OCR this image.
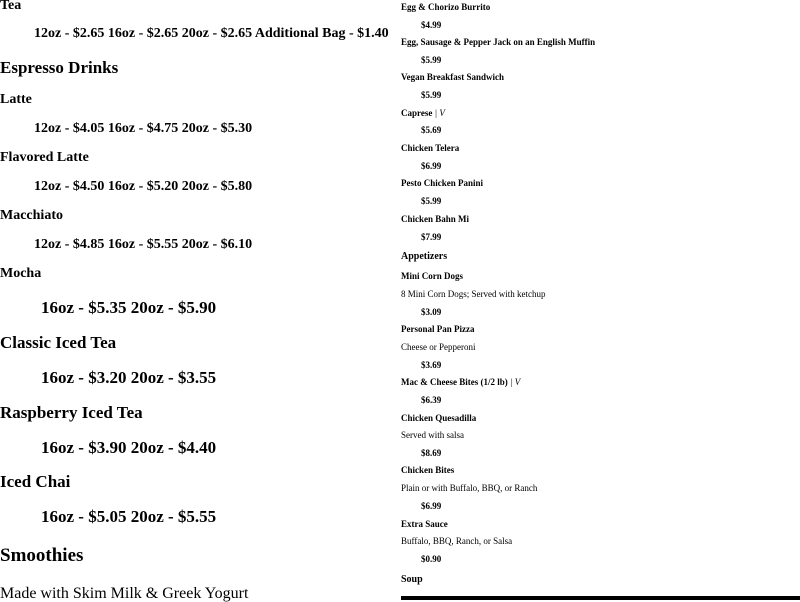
Tea
12oz - $2.65 16oz - $2.65 20oz - $2.65 Additional Bag - $1.40
Espresso Drinks
Latte
12oz - $4.05 16oz - $4.75 20oz - $5.30
Flavored Latte
12oz - $4.50 16oz - $5.20 20oz - $5.80
Macchiato
12oz - $4.85 16oz - $5.55 20oz - $6.10
Mocha
16oz - $5.35 20oz - $5.90
Classic Iced Tea
16oz - $3.20 20oz - $3.55
Raspberry Iced Tea
16oz - $3.90 20oz - $4.40
Iced Chai
16oz - $5.05 20oz - $5.55
Smoothies
Made with Skim Milk & Greek Yogurt
Egg & Chorizo Burrito
$4.99
Egg, Sausage & Pepper Jack on an English Muffin
$5.99
Vegan Breakfast Sandwich
$5.99
Caprese | V
$5.69
Chicken Telera
$6.99
Pesto Chicken Panini
$5.99
Chicken Bahn Mi
$7.99
Appetizers
Mini Corn Dogs
8 Mini Corn Dogs; Served with ketchup
$3.09
Personal Pan Pizza
Cheese or Pepperoni
$3.69
Mac & Cheese Bites (1/2 lb) | V
$6.39
Chicken Quesadilla
Served with salsa
$8.69
Chicken Bites
Plain or with Buffalo, BBQ, or Ranch
$6.99
Extra Sauce
Buffalo, BBQ, Ranch, or Salsa
$0.90
Soup
